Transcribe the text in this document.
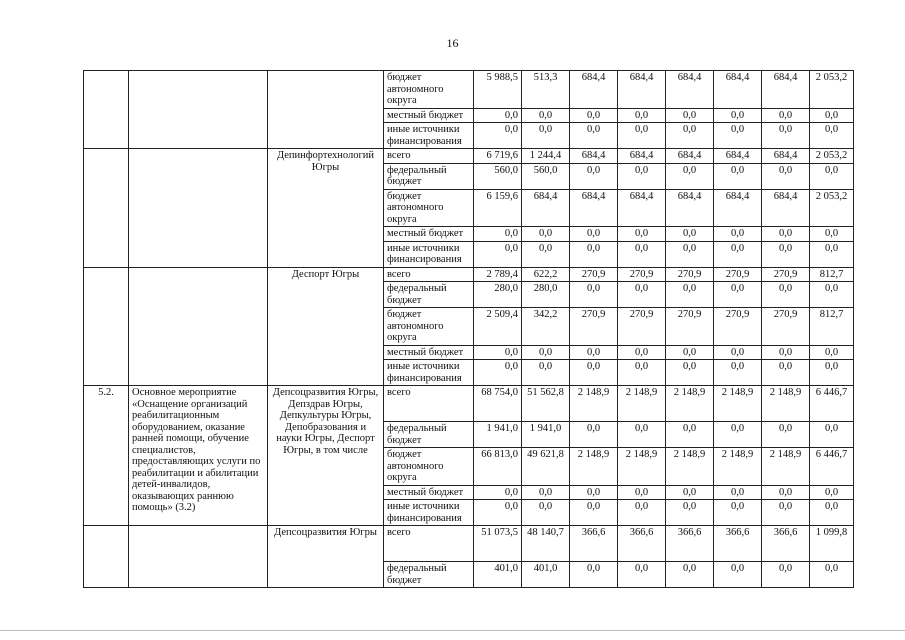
16
			бюджет автономного округа	5 988,5	513,3	684,4	684,4	684,4	684,4	684,4	2 053,2
			местный бюджет	0,0	0,0	0,0	0,0	0,0	0,0	0,0	0,0
			иные источники финансирования	0,0	0,0	0,0	0,0	0,0	0,0	0,0	0,0
		Депинфортехнологий Югры	всего	6 719,6	1 244,4	684,4	684,4	684,4	684,4	684,4	2 053,2
			федеральный бюджет	560,0	560,0	0,0	0,0	0,0	0,0	0,0	0,0
			бюджет автономного округа	6 159,6	684,4	684,4	684,4	684,4	684,4	684,4	2 053,2
			местный бюджет	0,0	0,0	0,0	0,0	0,0	0,0	0,0	0,0
			иные источники финансирования	0,0	0,0	0,0	0,0	0,0	0,0	0,0	0,0
		Деспорт Югры	всего	2 789,4	622,2	270,9	270,9	270,9	270,9	270,9	812,7
			федеральный бюджет	280,0	280,0	0,0	0,0	0,0	0,0	0,0	0,0
			бюджет автономного округа	2 509,4	342,2	270,9	270,9	270,9	270,9	270,9	812,7
			местный бюджет	0,0	0,0	0,0	0,0	0,0	0,0	0,0	0,0
			иные источники финансирования	0,0	0,0	0,0	0,0	0,0	0,0	0,0	0,0
5.2.	Основное мероприятие «Оснащение организаций реабилитационным оборудованием, оказание ранней помощи, обучение специалистов, предоставляющих услуги по реабилитации и абилитации детей-инвалидов, оказывающих раннюю помощь» (3.2)	Депсоцразвития Югры, Депздрав Югры, Депкультуры Югры, Депобразования и науки Югры, Деспорт Югры, в том числе	всего	68 754,0	51 562,8	2 148,9	2 148,9	2 148,9	2 148,9	2 148,9	6 446,7
			федеральный бюджет	1 941,0	1 941,0	0,0	0,0	0,0	0,0	0,0	0,0
			бюджет автономного округа	66 813,0	49 621,8	2 148,9	2 148,9	2 148,9	2 148,9	2 148,9	6 446,7
			местный бюджет	0,0	0,0	0,0	0,0	0,0	0,0	0,0	0,0
			иные источники финансирования	0,0	0,0	0,0	0,0	0,0	0,0	0,0	0,0
		Депсоцразвития Югры	всего	51 073,5	48 140,7	366,6	366,6	366,6	366,6	366,6	1 099,8
			федеральный бюджет	401,0	401,0	0,0	0,0	0,0	0,0	0,0	0,0
